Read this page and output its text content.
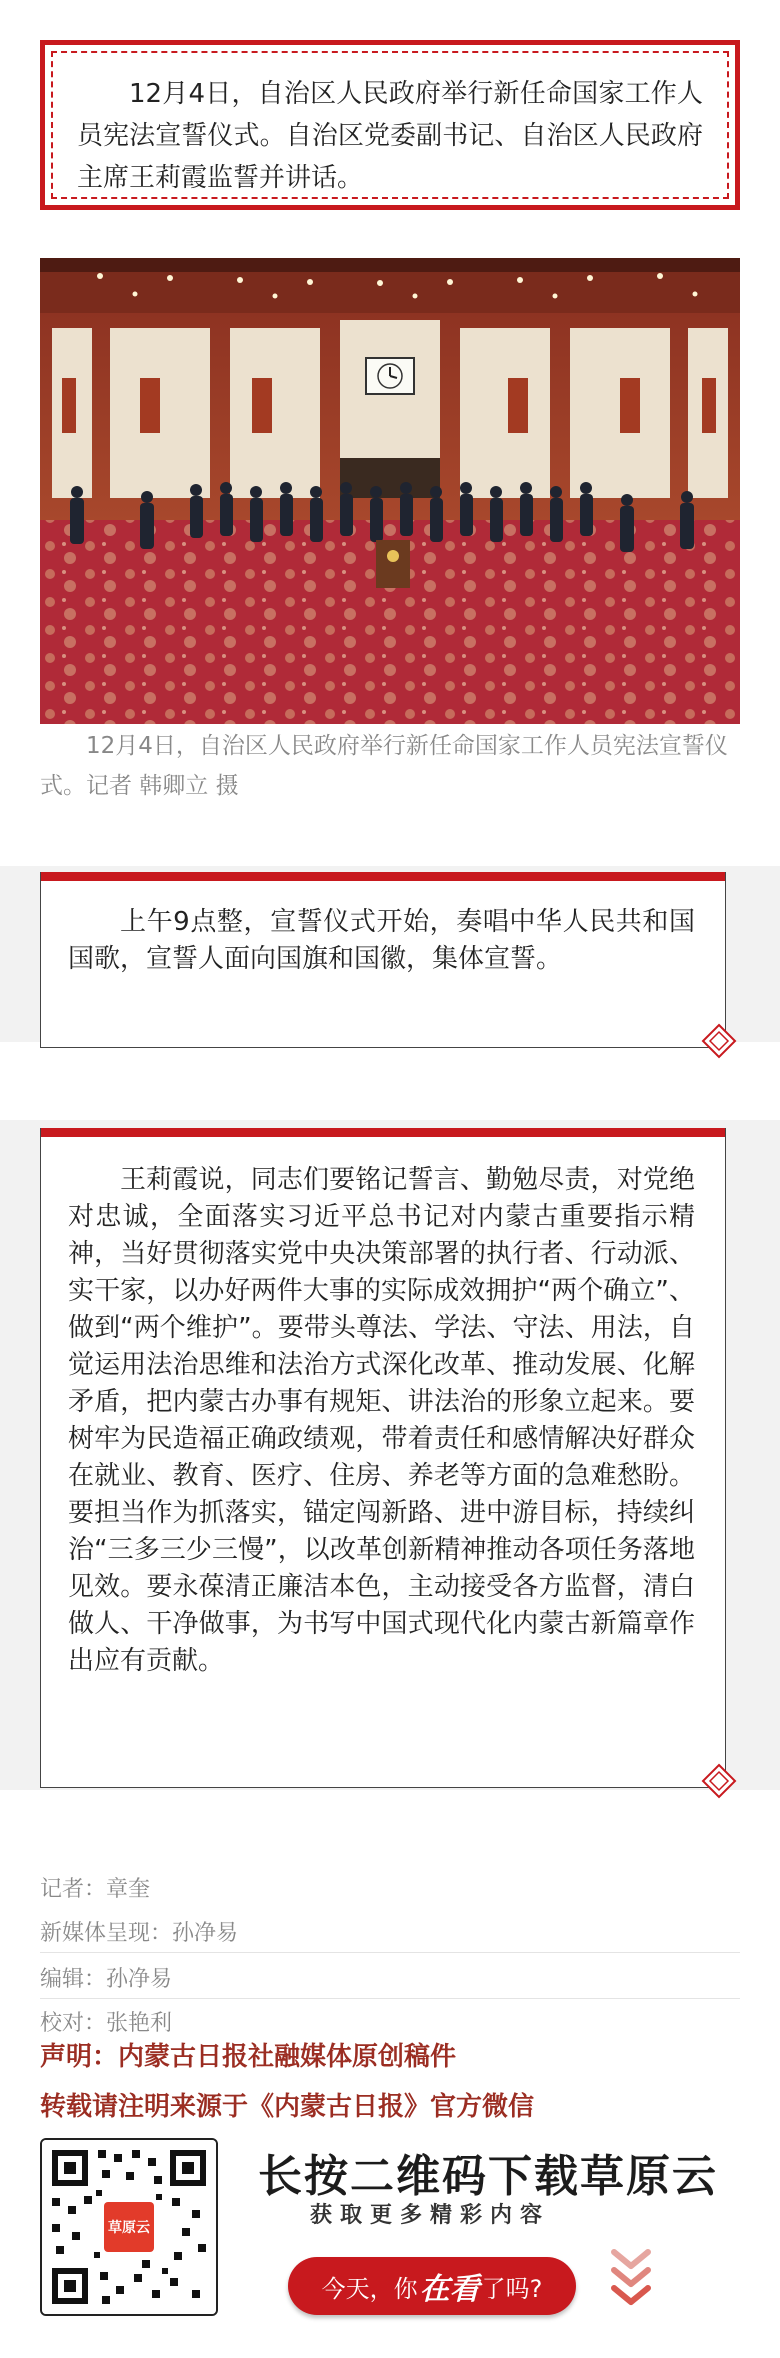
12月4日，自治区人民政府举行新任命国家工作人员宪法宣誓仪式。自治区党委副书记、自治区人民政府主席王莉霞监誓并讲话。

12月4日，自治区人民政府举行新任命国家工作人员宪法宣誓仪式。记者 韩卿立 摄

上午9点整，宣誓仪式开始，奏唱中华人民共和国国歌，宣誓人面向国旗和国徽，集体宣誓。

王莉霞说，同志们要铭记誓言、勤勉尽责，对党绝对忠诚，全面落实习近平总书记对内蒙古重要指示精神，当好贯彻落实党中央决策部署的执行者、行动派、实干家，以办好两件大事的实际成效拥护“两个确立”、做到“两个维护”。要带头尊法、学法、守法、用法，自觉运用法治思维和法治方式深化改革、推动发展、化解矛盾，把内蒙古办事有规矩、讲法治的形象立起来。要树牢为民造福正确政绩观，带着责任和感情解决好群众在就业、教育、医疗、住房、养老等方面的急难愁盼。要担当作为抓落实，锚定闯新路、进中游目标，持续纠治“三多三少三慢”，以改革创新精神推动各项任务落地见效。要永葆清正廉洁本色，主动接受各方监督，清白做人、干净做事，为书写中国式现代化内蒙古新篇章作出应有贡献。

记者：章奎
新媒体呈现：孙净易
编辑：孙净易
校对：张艳利
声明：内蒙古日报社融媒体原创稿件
转载请注明来源于《内蒙古日报》官方微信
草原云
长按二维码下载草原云
获取更多精彩内容
今天，你 在看 了吗?
